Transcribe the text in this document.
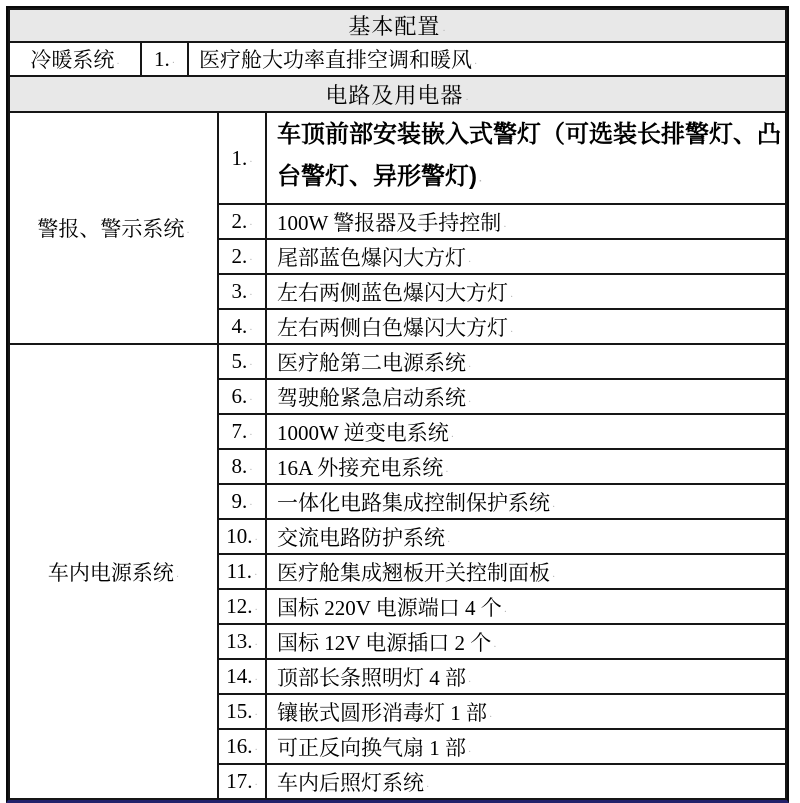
基本配置 ·
冷暖系统 ·	1. ·	医疗舱大功率直排空调和暖风 ·
电路及用电器 ·
警报、警示系统 ·	1. ·	车顶前部安装嵌入式警灯（可选装长排警灯、凸台警灯、异形警灯) ·
	2. ·	100W 警报器及手持控制 ·
	2. ·	尾部蓝色爆闪大方灯 ·
	3. ·	左右两侧蓝色爆闪大方灯 ·
	4. ·	左右两侧白色爆闪大方灯 ·
车内电源系统 ·	5. ·	医疗舱第二电源系统 ·
	6. ·	驾驶舱紧急启动系统 ·
	7. ·	1000W 逆变电系统 ·
	8. ·	16A 外接充电系统 ·
	9. ·	一体化电路集成控制保护系统 ·
	10. ·	交流电路防护系统 ·
	11. ·	医疗舱集成翘板开关控制面板 ·
	12. ·	国标 220V 电源端口 4 个 ·
	13. ·	国标 12V 电源插口 2 个 ·
	14. ·	顶部长条照明灯 4 部 ·
	15. ·	镶嵌式圆形消毒灯 1 部 ·
	16. ·	可正反向换气扇 1 部 ·
	17. ·	车内后照灯系统 ·
